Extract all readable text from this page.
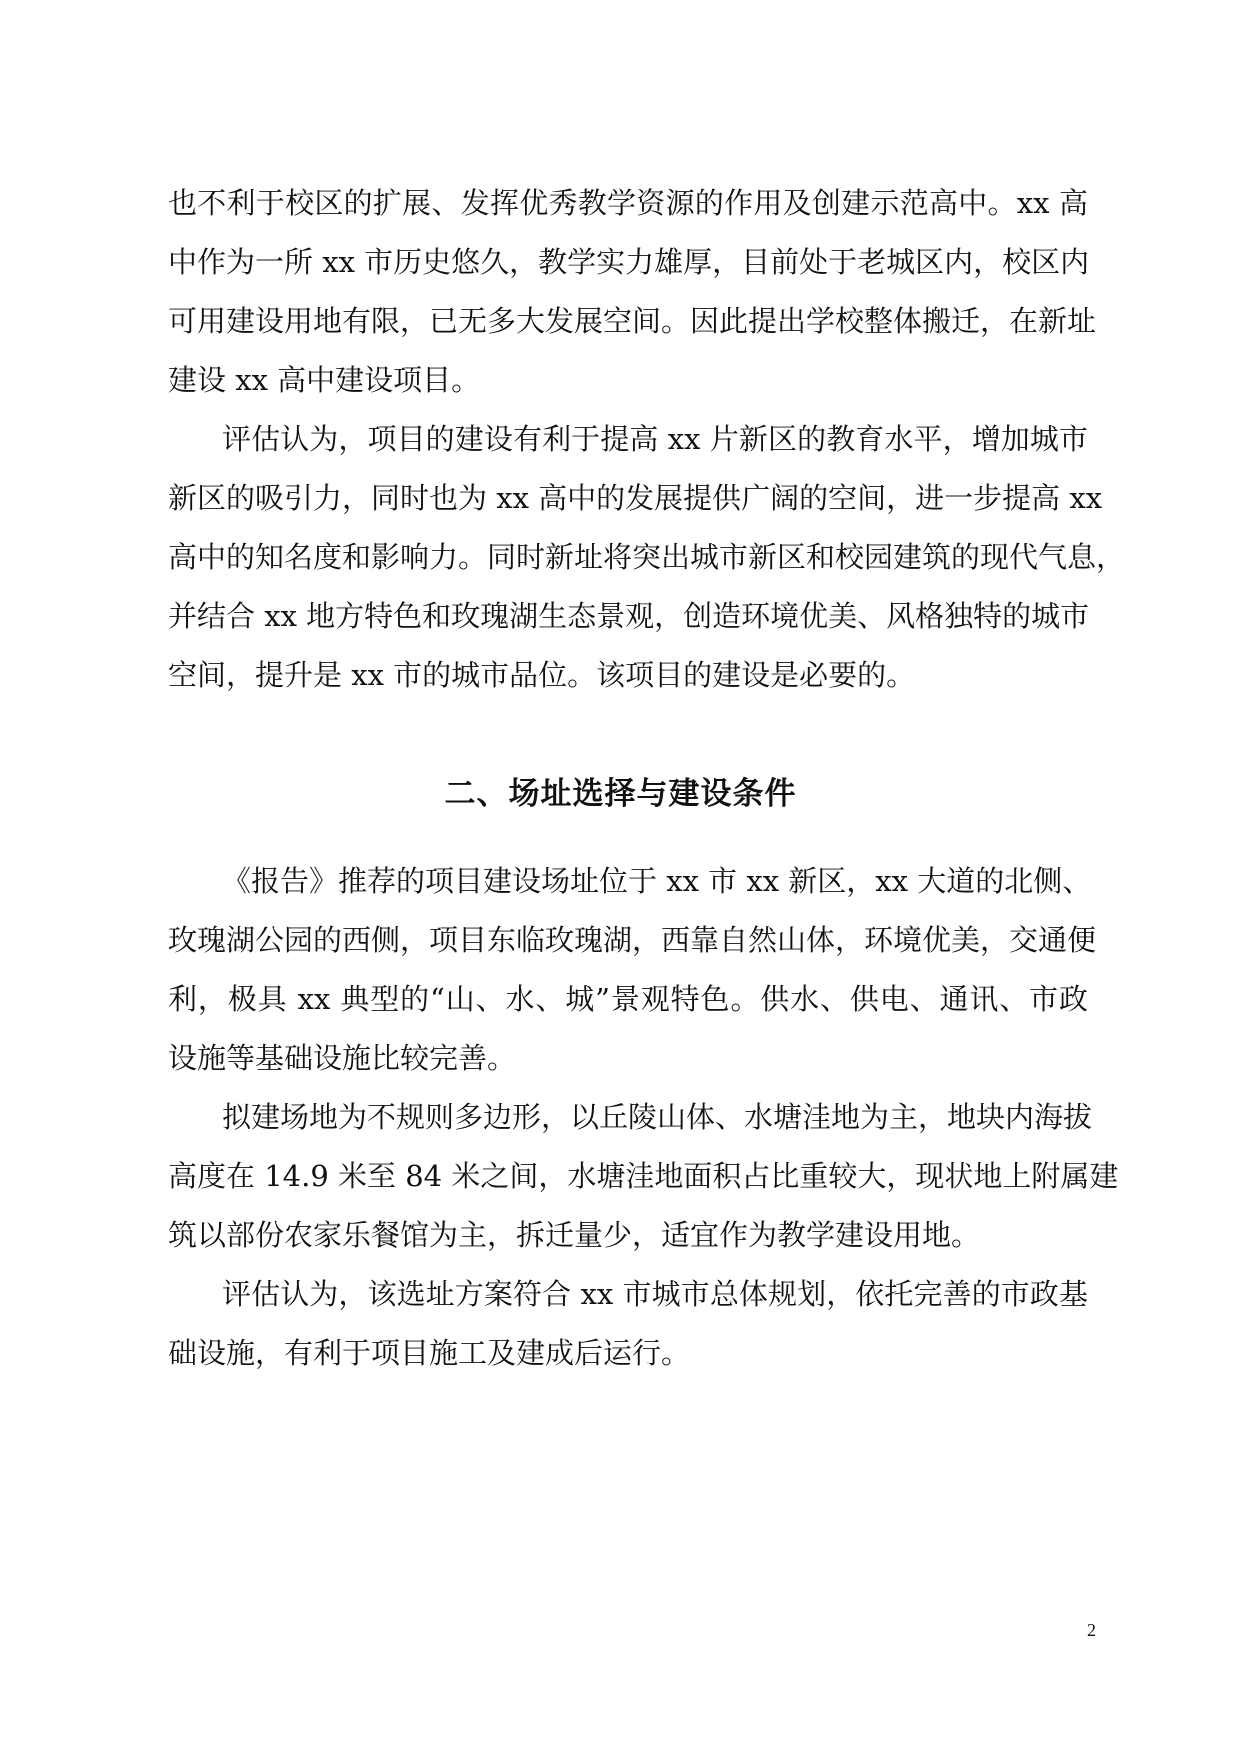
也不利于校区的扩展、发挥优秀教学资源的作用及创建示范高中。xx 高
中作为一所 xx 市历史悠久，教学实力雄厚，目前处于老城区内，校区内
可用建设用地有限，已无多大发展空间。因此提出学校整体搬迁，在新址
建设 xx 高中建设项目。
评估认为，项目的建设有利于提高 xx 片新区的教育水平，增加城市
新区的吸引力，同时也为 xx 高中的发展提供广阔的空间，进一步提高 xx
高中的知名度和影响力。同时新址将突出城市新区和校园建筑的现代气息，
并结合 xx 地方特色和玫瑰湖生态景观，创造环境优美、风格独特的城市
空间，提升是 xx 市的城市品位。该项目的建设是必要的。
二、场址选择与建设条件
《报告》推荐的项目建设场址位于 xx 市 xx 新区，xx 大道的北侧、
玫瑰湖公园的西侧，项目东临玫瑰湖，西靠自然山体，环境优美，交通便
利，极具 xx 典型的“山、水、城”景观特色。供水、供电、通讯、市政
设施等基础设施比较完善。
拟建场地为不规则多边形，以丘陵山体、水塘洼地为主，地块内海拔
高度在 14.9 米至 84 米之间，水塘洼地面积占比重较大，现状地上附属建
筑以部份农家乐餐馆为主，拆迁量少，适宜作为教学建设用地。
评估认为，该选址方案符合 xx 市城市总体规划，依托完善的市政基
础设施，有利于项目施工及建成后运行。
2
